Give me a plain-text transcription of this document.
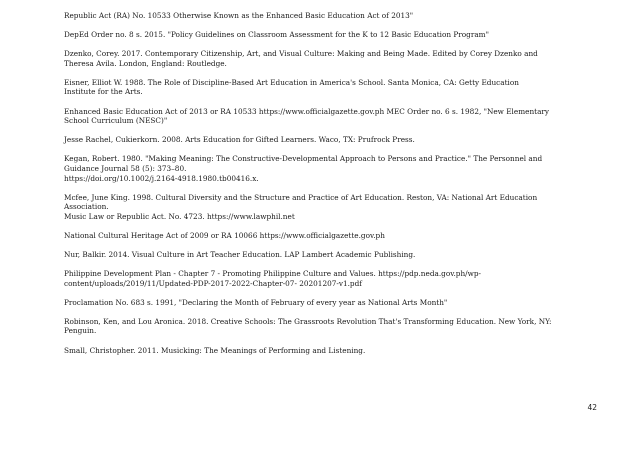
Republic Act (RA) No. 10533 Otherwise Known as the Enhanced Basic Education Act of 2013"
DepEd Order no. 8 s. 2015. "Policy Guidelines on Classroom Assessment for the K to 12 Basic Education Program"
Dzenko, Corey. 2017. Contemporary Citizenship, Art, and Visual Culture: Making and Being Made. Edited by Corey Dzenko and
Theresa Avila. London, England: Routledge.
Eisner, Elliot W. 1988. The Role of Discipline-Based Art Education in America's School. Santa Monica, CA: Getty Education
Institute for the Arts.
Enhanced Basic Education Act of 2013 or RA 10533 https://www.officialgazette.gov.ph MEC Order no. 6 s. 1982, "New Elementary
School Curriculum (NESC)"
Jesse Rachel, Cukierkorn. 2008. Arts Education for Gifted Learners. Waco, TX: Prufrock Press.
Kegan, Robert. 1980. "Making Meaning: The Constructive-Developmental Approach to Persons and Practice." The Personnel and
Guidance Journal 58 (5): 373–80.
https://doi.org/10.1002/j.2164-4918.1980.tb00416.x.
Mcfee, June King. 1998. Cultural Diversity and the Structure and Practice of Art Education. Reston, VA: National Art Education
Association.
Music Law or Republic Act. No. 4723. https://www.lawphil.net
National Cultural Heritage Act of 2009 or RA 10066 https://www.officialgazette.gov.ph
Nur, Balkir. 2014. Visual Culture in Art Teacher Education. LAP Lambert Academic Publishing.
Philippine Development Plan - Chapter 7 - Promoting Philippine Culture and Values. https://pdp.neda.gov.ph/wp-
content/uploads/2019/11/Updated-PDP-2017-2022-Chapter-07- 20201207-v1.pdf
Proclamation No. 683 s. 1991, "Declaring the Month of February of every year as National Arts Month"
Robinson, Ken, and Lou Aronica. 2018. Creative Schools: The Grassroots Revolution That's Transforming Education. New York, NY:
Penguin.
Small, Christopher. 2011. Musicking: The Meanings of Performing and Listening.
42
